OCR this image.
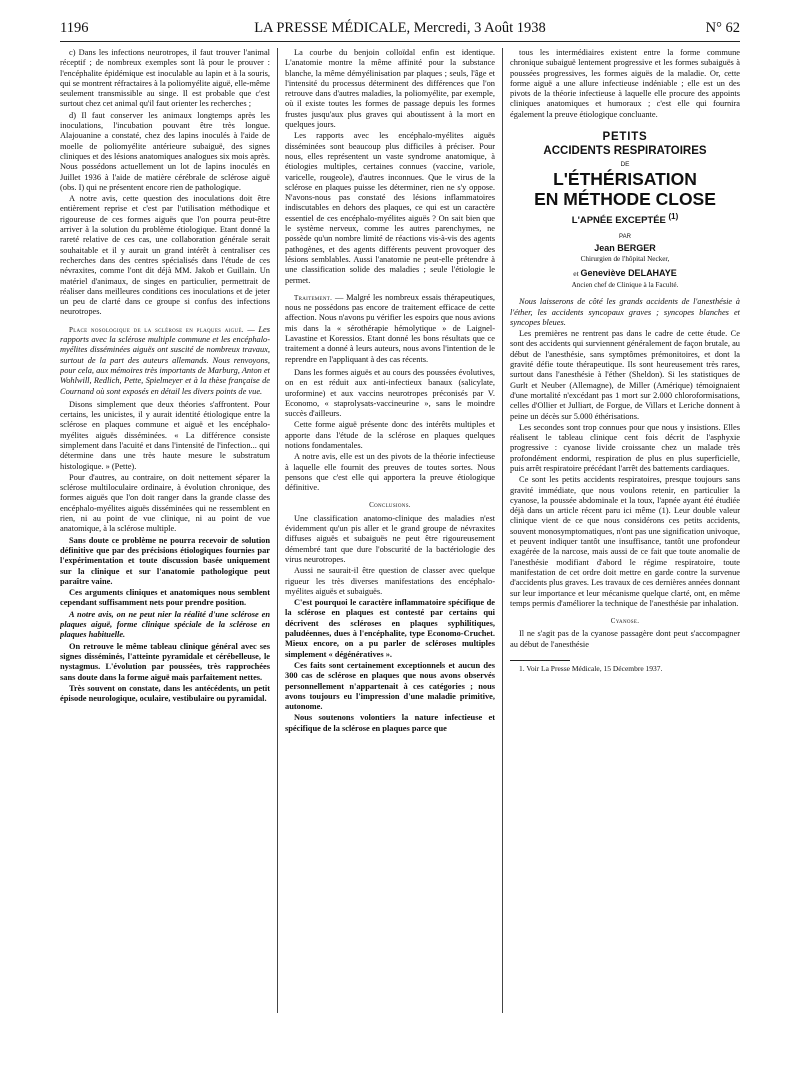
1196	LA PRESSE MÉDICALE, Mercredi, 3 Août 1938	N° 62

c) Dans les infections neurotropes, il faut trouver l'animal réceptif ; de nombreux exemples sont là pour le prouver : l'encéphalite épidémique est inoculable au lapin et à la souris, qui se montrent réfractaires à la poliomyélite aiguë, elle-même seulement transmissible au singe. Il est probable que c'est surtout chez cet animal qu'il faut orienter les recherches ;

d) Il faut conserver les animaux longtemps après les inoculations, l'incubation pouvant être très longue. Alajouanine a constaté, chez des lapins inoculés à l'aide de moelle de poliomyélite antérieure subaiguë, des signes cliniques et des lésions anatomiques analogues six mois après. Nous possédons actuellement un lot de lapins inoculés en Juillet 1936 à l'aide de matière cérébrale de sclérose aiguë (obs. I) qui ne présentent encore rien de pathologique.

A notre avis, cette question des inoculations doit être entièrement reprise et c'est par l'utilisation méthodique et rigoureuse de ces formes aiguës que l'on pourra peut-être arriver à la solution du problème étiologique. Etant donné la rareté relative de ces cas, une collaboration générale serait souhaitable et il y aurait un grand intérêt à centraliser ces recherches dans des centres spécialisés dans l'étude de ces névraxites, comme l'ont dit déjà MM. Jakob et Guillain. Un matériel d'animaux, de singes en particulier, permettrait de réaliser dans meilleures conditions ces inoculations et de jeter un peu de clarté dans ce groupe si confus des infections neurotropes.

Place nosologique de la sclérose en plaques aiguë. — Les rapports avec la sclérose multiple commune et les encéphalo-myélites disséminées aiguës ont suscité de nombreux travaux, surtout de la part des auteurs allemands. Nous renvoyons, pour cela, aux mémoires très importants de Marburg, Anton et Wohlwill, Redlich, Pette, Spielmeyer et à la thèse française de Cournand où sont exposés en détail les divers points de vue.

Disons simplement que deux théories s'affrontent. Pour certains, les unicistes, il y aurait identité étiologique entre la sclérose en plaques commune et aiguë et les encéphalo-myélites aiguës disséminées. « La différence consiste simplement dans l'acuité et dans l'intensité de l'infection... qui détermine dans une très haute mesure le substratum histologique. » (Pette).

Pour d'autres, au contraire, on doit nettement séparer la sclérose multiloculaire ordinaire, à évolution chronique, des formes aiguës que l'on doit ranger dans la grande classe des encéphalo-myélites aiguës disséminées qui ne ressemblent en rien, ni au point de vue clinique, ni au point de vue anatomique, à la sclérose multiple.

Sans doute ce problème ne pourra recevoir de solution définitive que par des précisions étiologiques fournies par l'expérimentation et toute discussion basée uniquement sur la clinique et sur l'anatomie pathologique peut paraître vaine.

Ces arguments cliniques et anatomiques nous semblent cependant suffisamment nets pour prendre position.

A notre avis, on ne peut nier la réalité d'une sclérose en plaques aiguë, forme clinique spéciale de la sclérose en plaques habituelle.

On retrouve le même tableau clinique général avec ses signes disséminés, l'atteinte pyramidale et cérébelleuse, le nystagmus. L'évolution par poussées, très rapprochées sans doute dans la forme aiguë mais parfaitement nettes.

Très souvent on constate, dans les antécédents, un petit épisode neurologique, oculaire, vestibulaire ou pyramidal.

La courbe du benjoin colloïdal enfin est identique. L'anatomie montre la même affinité pour la substance blanche, la même démyélinisation par plaques ; seuls, l'âge et l'intensité du processus déterminent des différences que l'on retrouve dans d'autres maladies, la poliomyélite, par exemple, où il existe toutes les formes de passage depuis les formes frustes jusqu'aux plus graves qui aboutissent à la mort en quelques jours.

Les rapports avec les encéphalo-myélites aiguës disséminées sont beaucoup plus difficiles à préciser. Pour nous, elles représentent un vaste syndrome anatomique, à étiologies multiples, certaines connues (vaccine, variole, varicelle, rougeole), d'autres inconnues. Que le virus de la sclérose en plaques puisse les déterminer, rien ne s'y oppose. N'avons-nous pas constaté des lésions inflammatoires indiscutables en dehors des plaques, ce qui est un caractère essentiel de ces encéphalo-myélites aiguës ? On sait bien que le système nerveux, comme les autres parenchymes, ne possède qu'un nombre limité de réactions vis-à-vis des agents pathogènes, et des agents différents peuvent provoquer des lésions semblables. Aussi l'anatomie ne peut-elle prétendre à une classification solide des maladies ; seule l'étiologie le permet.

Traitement. — Malgré les nombreux essais thérapeutiques, nous ne possédons pas encore de traitement efficace de cette affection. Nous n'avons pu vérifier les espoirs que nous avions mis dans la « sérothérapie hémolytique » de Laignel-Lavastine et Koressios. Etant donné les bons résultats que ce traitement a donné à leurs auteurs, nous avons l'intention de le reprendre en l'appliquant à des cas récents.

Dans les formes aiguës et au cours des poussées évolutives, on en est réduit aux anti-infectieux banaux (salicylate, uroformine) et aux vaccins neurotropes préconisés par V. Economo, « staprolysats-vaccineurine », sans le moindre succès d'ailleurs.

Cette forme aiguë présente donc des intérêts multiples et apporte dans l'étude de la sclérose en plaques quelques notions fondamentales.

A notre avis, elle est un des pivots de la théorie infectieuse à laquelle elle fournit des preuves de toutes sortes. Nous pensons que c'est elle qui apportera la preuve étiologique définitive.

Conclusions.

Une classification anatomo-clinique des maladies n'est évidemment qu'un pis aller et le grand groupe de névraxites diffuses aiguës et subaiguës ne peut être rigoureusement démembré tant que dure l'obscurité de la bactériologie des virus neurotropes.

Aussi ne saurait-il être question de classer avec quelque rigueur les très diverses manifestations des encéphalo-myélites aiguës et subaiguës.

C'est pourquoi le caractère inflammatoire spécifique de la sclérose en plaques est contesté par certains qui décrivent des scléroses en plaques syphilitiques, paludéennes, dues à l'encéphalite, type Economo-Cruchet. Mieux encore, on a pu parler de scléroses multiples simplement « dégénératives ».

Ces faits sont certainement exceptionnels et aucun des 300 cas de sclérose en plaques que nous avons observés personnellement n'appartenait à ces catégories ; nous avons toujours eu l'impression d'une maladie primitive, autonome.

Nous soutenons volontiers la nature infectieuse et spécifique de la sclérose en plaques parce que

tous les intermédiaires existent entre la forme commune chronique subaiguë lentement progressive et les formes subaiguës à poussées progressives, les formes aiguës de la maladie. Or, cette forme aiguë a une allure infectieuse indéniable ; elle est un des pivots de la théorie infectieuse à laquelle elle procure des appoints cliniques anatomiques et humoraux ; c'est elle qui fournira également la preuve étiologique concluante.

PETITS
ACCIDENTS RESPIRATOIRES
DE
L'ÉTHÉRISATION
EN MÉTHODE CLOSE
L'APNÉE EXCEPTÉE $^{(1)}$
PAR
Jean BERGER
Chirurgien de l'hôpital Necker,
et Geneviève DELAHAYE
Ancien chef de Clinique à la Faculté.

Nous laisserons de côté les grands accidents de l'anesthésie à l'éther, les accidents syncopaux graves ; syncopes blanches et syncopes bleues.

Les premières ne rentrent pas dans le cadre de cette étude. Ce sont des accidents qui surviennent généralement de façon brutale, au début de l'anesthésie, sans symptômes prémonitoires, et dont la gravité défie toute thérapeutique. Ils sont heureusement très rares, surtout dans l'anesthésie à l'éther (Sheldon). Si les statistiques de Gurlt et Neuber (Allemagne), de Miller (Amérique) témoignaient d'une mortalité n'excédant pas 1 mort sur 2.000 chloroformisations, celles d'Ollier et Julliart, de Forgue, de Villars et Leriche donnent à peine un décès sur 5.000 éthérisations.

Les secondes sont trop connues pour que nous y insistions. Elles réalisent le tableau clinique cent fois décrit de l'asphyxie progressive : cyanose livide croissante chez un malade très profondément endormi, respiration de plus en plus superficielle, puis arrêt respiratoire précédant l'arrêt des battements cardiaques.

Ce sont les petits accidents respiratoires, presque toujours sans gravité immédiate, que nous voulons retenir, en particulier la cyanose, la poussée abdominale et la toux, l'apnée ayant été étudiée déjà dans un article récent paru ici même (1). Leur double valeur clinique vient de ce que nous considérons ces petits accidents, souvent monosymptomatiques, n'ont pas une signification univoque, et peuvent indiquer tantôt une insuffisance, tantôt une profondeur exagérée de la narcose, mais aussi de ce fait que toute anomalie de l'anesthésie modifiant d'abord le régime respiratoire, toute manifestation de cet ordre doit mettre en garde contre la survenue d'accidents plus graves. Les travaux de ces dernières années donnant sur leur importance et leur mécanisme quelque clarté, ont, en même temps permis d'améliorer la technique de l'anesthésie par inhalation.

Cyanose.

Il ne s'agit pas de la cyanose passagère dont peut s'accompagner au début de l'anesthésie

1. Voir La Presse Médicale, 15 Décembre 1937.
